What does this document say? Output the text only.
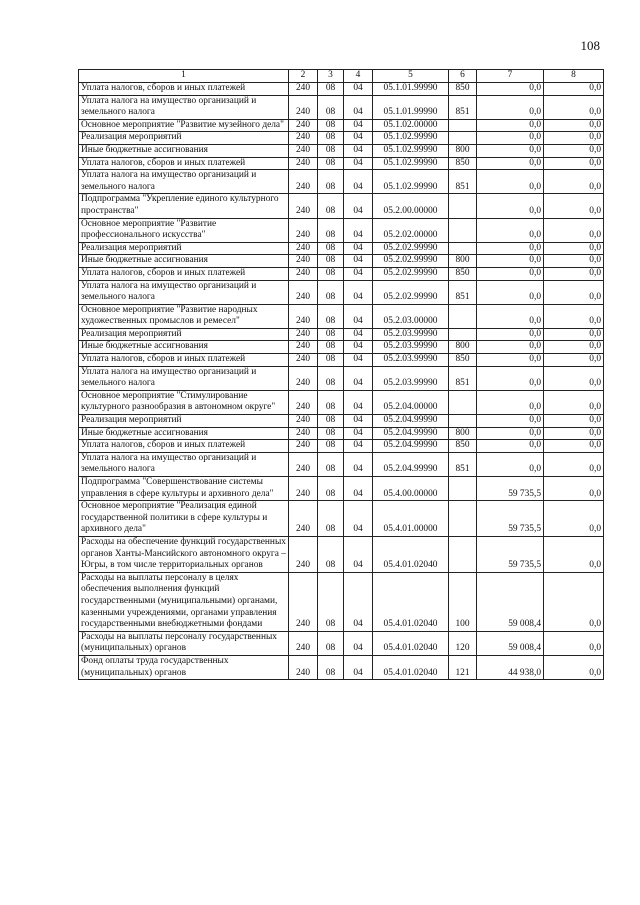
108
1	2	3	4	5	6	7	8
Уплата налогов, сборов и иных платежей	240	08	04	05.1.01.99990	850	0,0	0,0
Уплата налога на имущество организаций и земельного налога	240	08	04	05.1.01.99990	851	0,0	0,0
Основное мероприятие "Развитие музейного дела"	240	08	04	05.1.02.00000		0,0	0,0
Реализация мероприятий	240	08	04	05.1.02.99990		0,0	0,0
Иные бюджетные ассигнования	240	08	04	05.1.02.99990	800	0,0	0,0
Уплата налогов, сборов и иных платежей	240	08	04	05.1.02.99990	850	0,0	0,0
Уплата налога на имущество организаций и земельного налога	240	08	04	05.1.02.99990	851	0,0	0,0
Подпрограмма "Укрепление единого культурного пространства"	240	08	04	05.2.00.00000		0,0	0,0
Основное мероприятие "Развитие профессионального искусства"	240	08	04	05.2.02.00000		0,0	0,0
Реализация мероприятий	240	08	04	05.2.02.99990		0,0	0,0
Иные бюджетные ассигнования	240	08	04	05.2.02.99990	800	0,0	0,0
Уплата налогов, сборов и иных платежей	240	08	04	05.2.02.99990	850	0,0	0,0
Уплата налога на имущество организаций и земельного налога	240	08	04	05.2.02.99990	851	0,0	0,0
Основное мероприятие "Развитие народных художественных промыслов и ремесел"	240	08	04	05.2.03.00000		0,0	0,0
Реализация мероприятий	240	08	04	05.2.03.99990		0,0	0,0
Иные бюджетные ассигнования	240	08	04	05.2.03.99990	800	0,0	0,0
Уплата налогов, сборов и иных платежей	240	08	04	05.2.03.99990	850	0,0	0,0
Уплата налога на имущество организаций и земельного налога	240	08	04	05.2.03.99990	851	0,0	0,0
Основное мероприятие "Стимулирование культурного разнообразия в автономном округе"	240	08	04	05.2.04.00000		0,0	0,0
Реализация мероприятий	240	08	04	05.2.04.99990		0,0	0,0
Иные бюджетные ассигнования	240	08	04	05.2.04.99990	800	0,0	0,0
Уплата налогов, сборов и иных платежей	240	08	04	05.2.04.99990	850	0,0	0,0
Уплата налога на имущество организаций и земельного налога	240	08	04	05.2.04.99990	851	0,0	0,0
Подпрограмма "Совершенствование системы управления в сфере культуры и архивного дела"	240	08	04	05.4.00.00000		59 735,5	0,0
Основное мероприятие "Реализация единой государственной политики в сфере культуры и архивного дела"	240	08	04	05.4.01.00000		59 735,5	0,0
Расходы на обеспечение функций государственных органов Ханты-Мансийского автономного округа – Югры, в том числе территориальных органов	240	08	04	05.4.01.02040		59 735,5	0,0
Расходы на выплаты персоналу в целях обеспечения выполнения функций государственными (муниципальными) органами, казенными учреждениями, органами управления государственными внебюджетными фондами	240	08	04	05.4.01.02040	100	59 008,4	0,0
Расходы на выплаты персоналу государственных (муниципальных) органов	240	08	04	05.4.01.02040	120	59 008,4	0,0
Фонд оплаты труда государственных (муниципальных) органов	240	08	04	05.4.01.02040	121	44 938,0	0,0
